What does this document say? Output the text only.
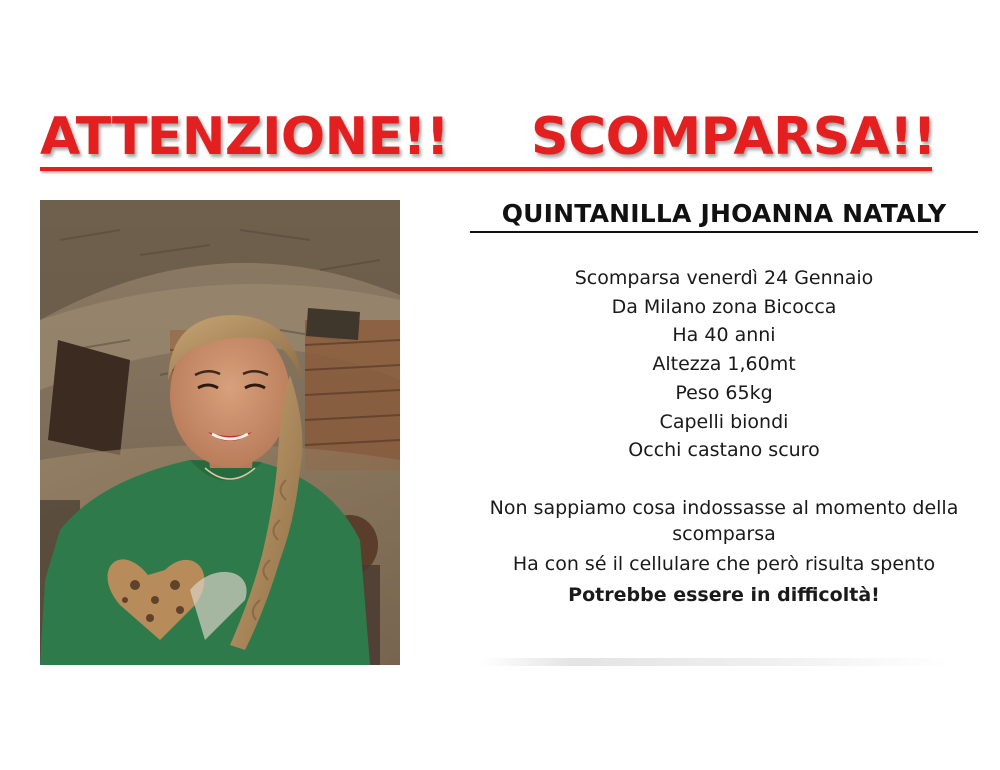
ATTENZIONE!! SCOMPARSA!!
QUINTANILLA JHOANNA NATALY
Scomparsa venerdì 24 Gennaio
Da Milano zona Bicocca
Ha 40 anni
Altezza 1,60mt
Peso 65kg
Capelli biondi
Occhi castano scuro
Non sappiamo cosa indossasse al momento della scomparsa
Ha con sé il cellulare che però risulta spento
Potrebbe essere in difficoltà!
